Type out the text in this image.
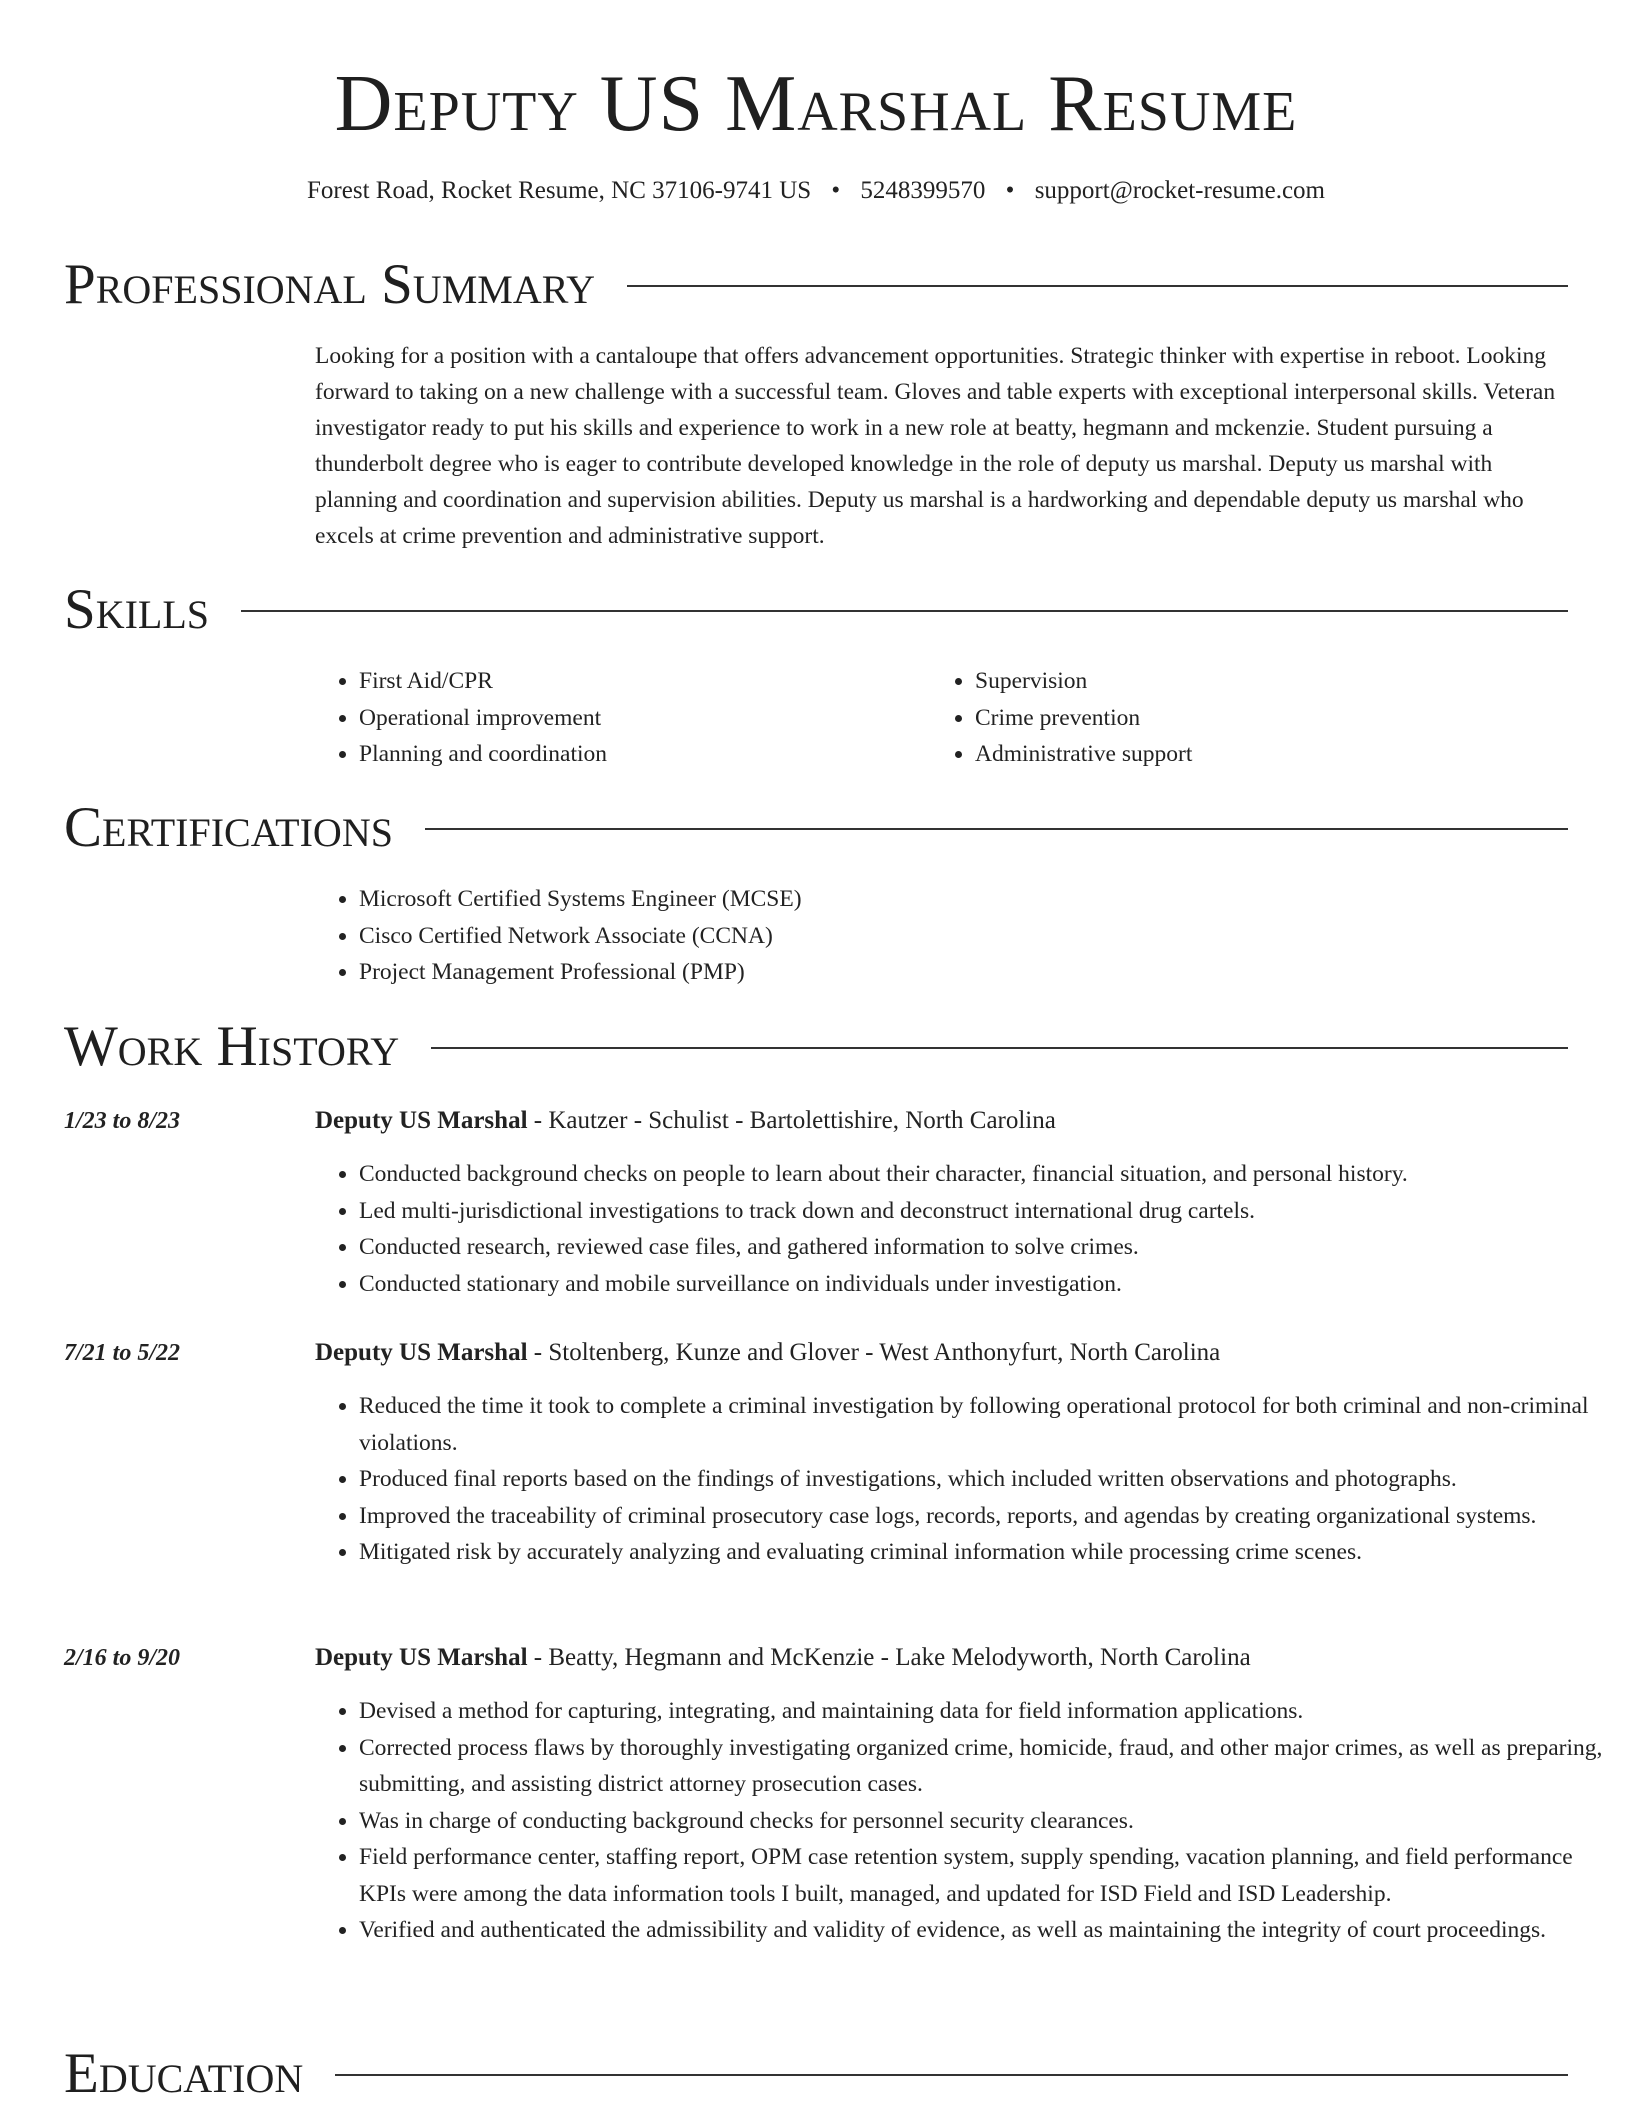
Deputy US Marshal Resume
Forest Road, Rocket Resume, NC 37106-9741 US • 5248399570 • support@rocket-resume.com
Professional Summary

Looking for a position with a cantaloupe that offers advancement opportunities. Strategic thinker with expertise in reboot. Looking forward to taking on a new challenge with a successful team. Gloves and table experts with exceptional interpersonal skills. Veteran investigator ready to put his skills and experience to work in a new role at beatty, hegmann and mckenzie. Student pursuing a thunderbolt degree who is eager to contribute developed knowledge in the role of deputy us marshal. Deputy us marshal with planning and coordination and supervision abilities. Deputy us marshal is a hardworking and dependable deputy us marshal who excels at crime prevention and administrative support.

Skills
• First Aid/CPR
• Operational improvement
• Planning and coordination
• Supervision
• Crime prevention
• Administrative support
Certifications
• Microsoft Certified Systems Engineer (MCSE)
• Cisco Certified Network Associate (CCNA)
• Project Management Professional (PMP)
Work History
1/23 to 8/23	Deputy US Marshal - Kautzer - Schulist - Bartolettishire, North Carolina
• Conducted background checks on people to learn about their character, financial situation, and personal history.
• Led multi-jurisdictional investigations to track down and deconstruct international drug cartels.
• Conducted research, reviewed case files, and gathered information to solve crimes.
• Conducted stationary and mobile surveillance on individuals under investigation.
7/21 to 5/22	Deputy US Marshal - Stoltenberg, Kunze and Glover - West Anthonyfurt, North Carolina
• Reduced the time it took to complete a criminal investigation by following operational protocol for both criminal and non-criminal violations.
• Produced final reports based on the findings of investigations, which included written observations and photographs.
• Improved the traceability of criminal prosecutory case logs, records, reports, and agendas by creating organizational systems.
• Mitigated risk by accurately analyzing and evaluating criminal information while processing crime scenes.
2/16 to 9/20	Deputy US Marshal - Beatty, Hegmann and McKenzie - Lake Melodyworth, North Carolina
• Devised a method for capturing, integrating, and maintaining data for field information applications.
• Corrected process flaws by thoroughly investigating organized crime, homicide, fraud, and other major crimes, as well as preparing, submitting, and assisting district attorney prosecution cases.
• Was in charge of conducting background checks for personnel security clearances.
• Field performance center, staffing report, OPM case retention system, supply spending, vacation planning, and field performance KPIs were among the data information tools I built, managed, and updated for ISD Field and ISD Leadership.
• Verified and authenticated the admissibility and validity of evidence, as well as maintaining the integrity of court proceedings.
Education
